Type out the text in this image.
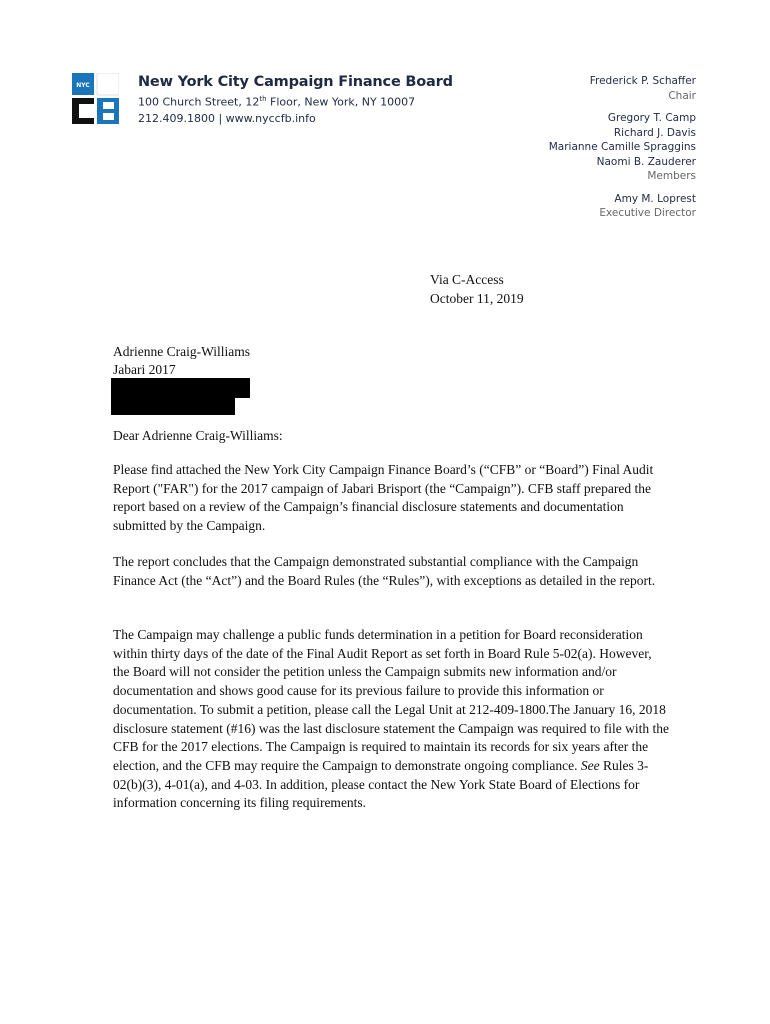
NYC	New York City Campaign Finance Board
100 Church Street, 12th Floor, New York, NY 10007
212.409.1800 | www.nyccfb.info
Frederick P. Schaffer
Chair
Gregory T. Camp
Richard J. Davis
Marianne Camille Spraggins
Naomi B. Zauderer
Members
Amy M. Loprest
Executive Director
Via C-Access
October 11, 2019
Adrienne Craig-Williams
Jabari 2017
Dear Adrienne Craig-Williams:
Please find attached the New York City Campaign Finance Board’s (“CFB” or “Board”) Final Audit Report ("FAR") for the 2017 campaign of Jabari Brisport (the “Campaign”). CFB staff prepared the report based on a review of the Campaign’s financial disclosure statements and documentation submitted by the Campaign.
The report concludes that the Campaign demonstrated substantial compliance with the Campaign Finance Act (the “Act”) and the Board Rules (the “Rules”), with exceptions as detailed in the report.
The Campaign may challenge a public funds determination in a petition for Board reconsideration within thirty days of the date of the Final Audit Report as set forth in Board Rule 5-02(a). However, the Board will not consider the petition unless the Campaign submits new information and/or documentation and shows good cause for its previous failure to provide this information or documentation. To submit a petition, please call the Legal Unit at 212-409-1800.The January 16, 2018 disclosure statement (#16) was the last disclosure statement the Campaign was required to file with the CFB for the 2017 elections. The Campaign is required to maintain its records for six years after the election, and the CFB may require the Campaign to demonstrate ongoing compliance. See Rules 3-02(b)(3), 4-01(a), and 4-03. In addition, please contact the New York State Board of Elections for information concerning its filing requirements.
